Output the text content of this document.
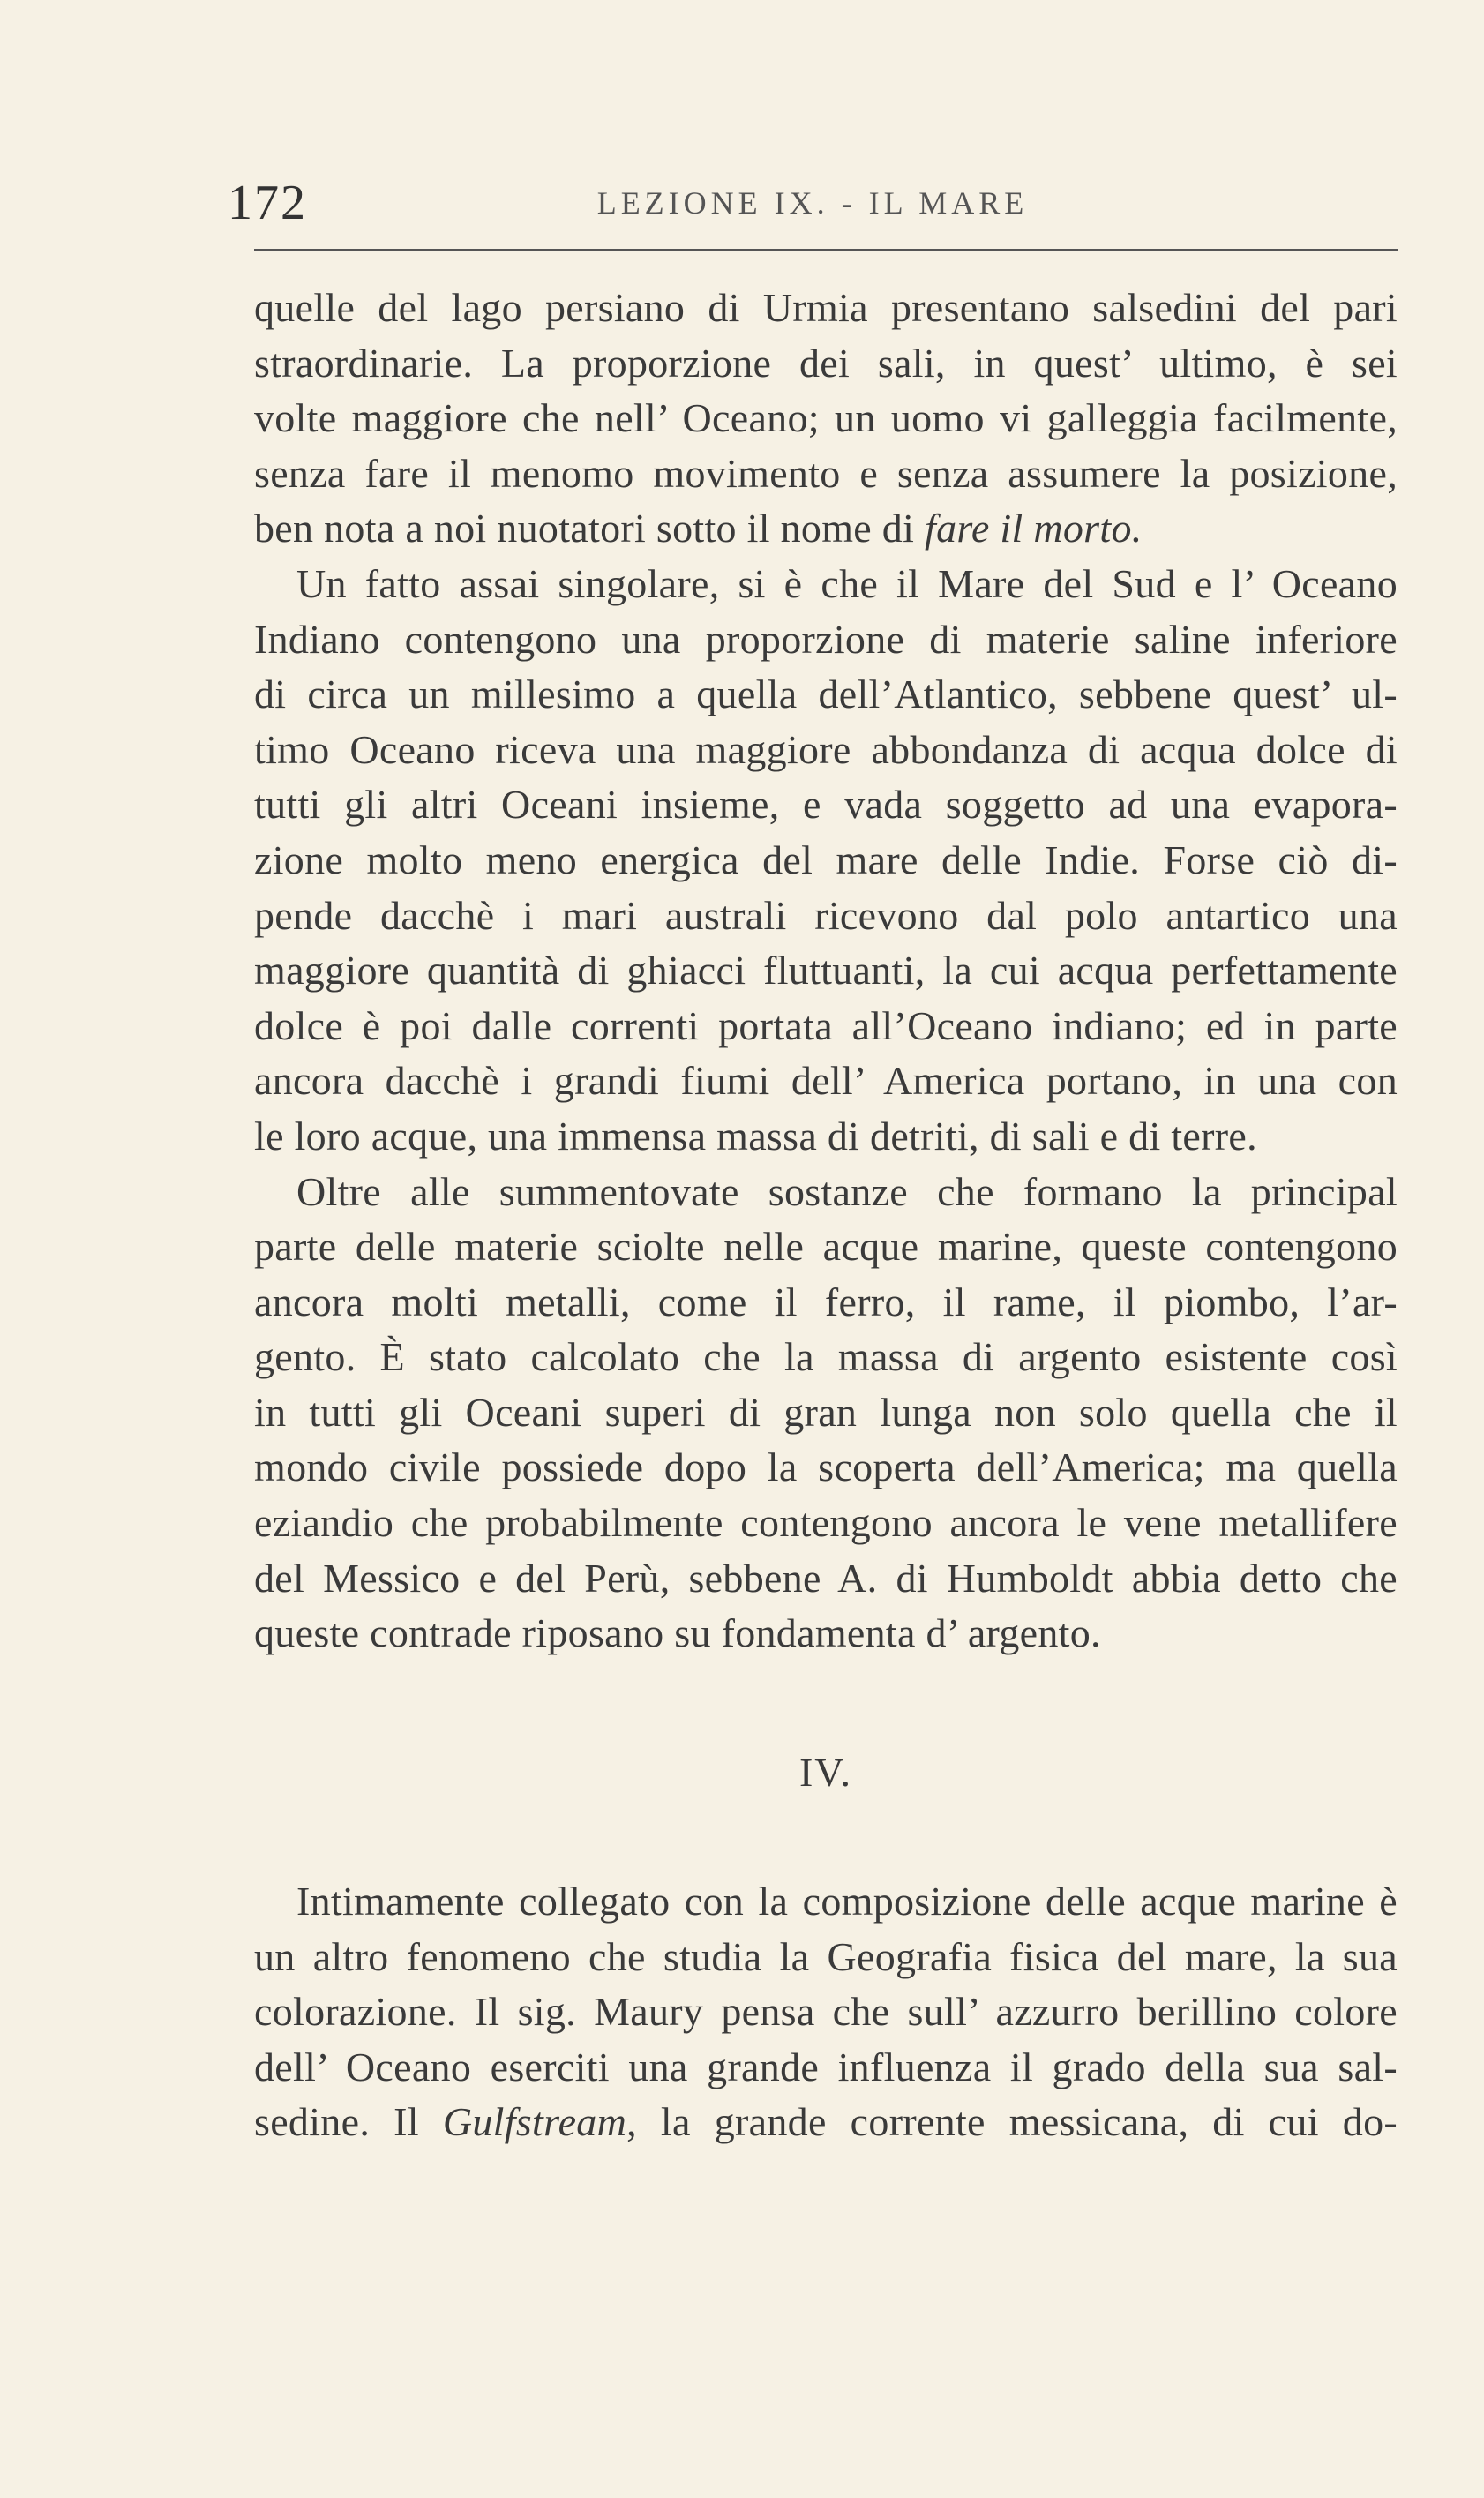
172	LEZIONE IX. - IL MARE
quelle del lago persiano di Urmia presentano salsedini del pari
straordinarie. La proporzione dei sali, in quest’ ultimo, è sei
volte maggiore che nell’ Oceano; un uomo vi galleggia facilmente,
senza fare il menomo movimento e senza assumere la posizione,
ben nota a noi nuotatori sotto il nome di fare il morto.
Un fatto assai singolare, si è che il Mare del Sud e l’ Oceano
Indiano contengono una proporzione di materie saline inferiore
di circa un millesimo a quella dell’Atlantico, sebbene quest’ ul-
timo Oceano riceva una maggiore abbondanza di acqua dolce di
tutti gli altri Oceani insieme, e vada soggetto ad una evapora-
zione molto meno energica del mare delle Indie. Forse ciò di-
pende dacchè i mari australi ricevono dal polo antartico una
maggiore quantità di ghiacci fluttuanti, la cui acqua perfettamente
dolce è poi dalle correnti portata all’Oceano indiano; ed in parte
ancora dacchè i grandi fiumi dell’ America portano, in una con
le loro acque, una immensa massa di detriti, di sali e di terre.
Oltre alle summentovate sostanze che formano la principal
parte delle materie sciolte nelle acque marine, queste contengono
ancora molti metalli, come il ferro, il rame, il piombo, l’ar-
gento. È stato calcolato che la massa di argento esistente così
in tutti gli Oceani superi di gran lunga non solo quella che il
mondo civile possiede dopo la scoperta dell’America; ma quella
eziandio che probabilmente contengono ancora le vene metallifere
del Messico e del Perù, sebbene A. di Humboldt abbia detto che
queste contrade riposano su fondamenta d’ argento.
IV.
Intimamente collegato con la composizione delle acque marine è
un altro fenomeno che studia la Geografia fisica del mare, la sua
colorazione. Il sig. Maury pensa che sull’ azzurro berillino colore
dell’ Oceano eserciti una grande influenza il grado della sua sal-
sedine. Il Gulfstream, la grande corrente messicana, di cui do-
